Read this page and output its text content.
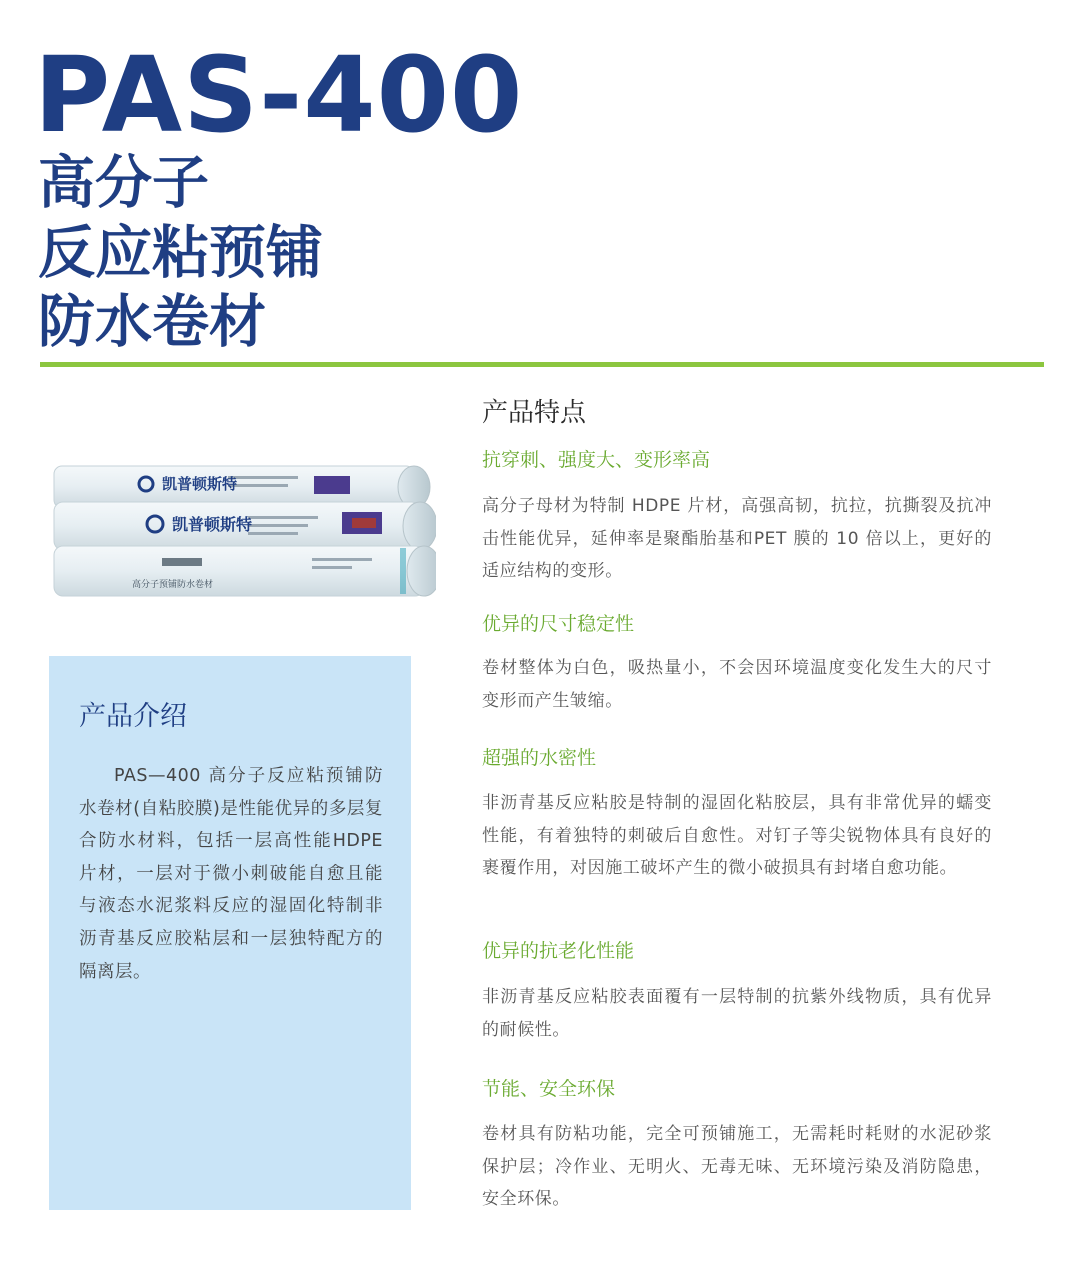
PAS-400
高分子
反应粘预铺
防水卷材
凯普顿斯特
凯普顿斯特
高分子预铺防水卷材
产品介绍
PAS—400 高分子反应粘预铺防水卷材(自粘胶膜)是性能优异的多层复合防水材料，包括一层高性能HDPE 片材，一层对于微小刺破能自愈且能与液态水泥浆料反应的湿固化特制非沥青基反应胶粘层和一层独特配方的隔离层。
产品特点
抗穿刺、强度大、变形率高
高分子母材为特制 HDPE 片材，高强高韧，抗拉，抗撕裂及抗冲击性能优异，延伸率是聚酯胎基和PET 膜的 10 倍以上，更好的适应结构的变形。
优异的尺寸稳定性
卷材整体为白色，吸热量小，不会因环境温度变化发生大的尺寸变形而产生皱缩。
超强的水密性
非沥青基反应粘胶是特制的湿固化粘胶层，具有非常优异的蠕变性能，有着独特的刺破后自愈性。对钉子等尖锐物体具有良好的裹覆作用，对因施工破坏产生的微小破损具有封堵自愈功能。
优异的抗老化性能
非沥青基反应粘胶表面覆有一层特制的抗紫外线物质，具有优异的耐候性。
节能、安全环保
卷材具有防粘功能，完全可预铺施工，无需耗时耗财的水泥砂浆保护层；冷作业、无明火、无毒无味、无环境污染及消防隐患，安全环保。
